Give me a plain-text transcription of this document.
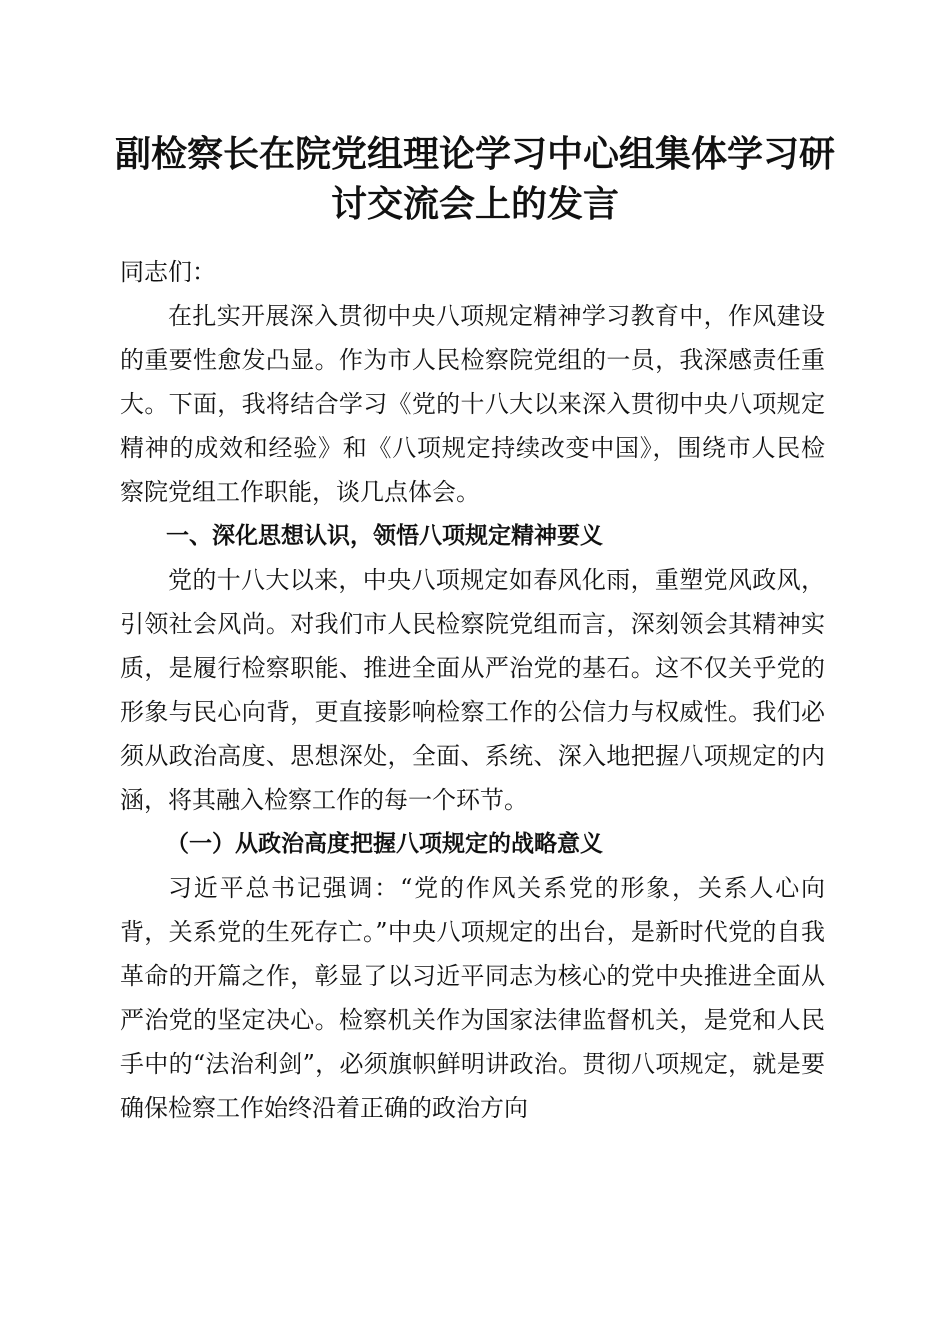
副检察长在院党组理论学习中心组集体学习研
讨交流会上的发言

同志们：

在扎实开展深入贯彻中央八项规定精神学习教育中，作风建设的重要性愈发凸显。作为市人民检察院党组的一员，我深感责任重大。下面，我将结合学习《党的十八大以来深入贯彻中央八项规定精神的成效和经验》和《八项规定持续改变中国》，围绕市人民检察院党组工作职能，谈几点体会。

一、深化思想认识，领悟八项规定精神要义

党的十八大以来，中央八项规定如春风化雨，重塑党风政风，引领社会风尚。对我们市人民检察院党组而言，深刻领会其精神实质，是履行检察职能、推进全面从严治党的基石。这不仅关乎党的形象与民心向背，更直接影响检察工作的公信力与权威性。我们必须从政治高度、思想深处，全面、系统、深入地把握八项规定的内涵，将其融入检察工作的每一个环节。

（一）从政治高度把握八项规定的战略意义

习近平总书记强调：“党的作风关系党的形象，关系人心向背，关系党的生死存亡。”中央八项规定的出台，是新时代党的自我革命的开篇之作，彰显了以习近平同志为核心的党中央推进全面从严治党的坚定决心。检察机关作为国家法律监督机关，是党和人民手中的“法治利剑”，必须旗帜鲜明讲政治。贯彻八项规定，就是要确保检察工作始终沿着正确的政治方向
